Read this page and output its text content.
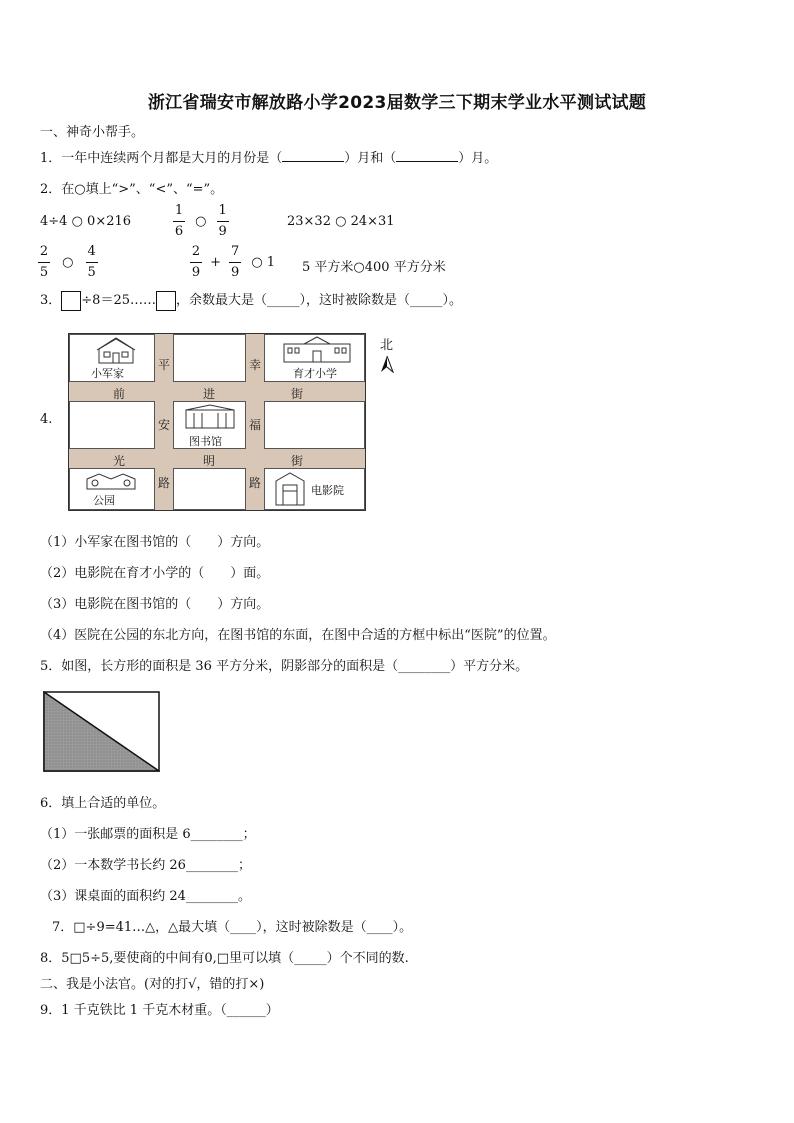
浙江省瑞安市解放路小学2023届数学三下期末学业水平测试试题
一、神奇小帮手。
1．一年中连续两个月都是大月的月份是（	）月和（	）月。
2．在○填上“>”、“<”、“=”。
4÷4 ○ 0×216	$\frac{1}{6}$ ○ $\frac{1}{9}$	23×32 ○ 24×31
$\frac{2}{5}$ ○ $\frac{4}{5}$	$\frac{2}{9} + \frac{7}{9}$ ○ 1 5 平方米○400 平方分米
3． ÷8＝25…… ，余数最大是（_____），这时被除数是（_____）。
4.
平
安
路
幸
福
路
前	进	街
光	明	街
小军家	育才小学
图书馆
公园
电影院
北
（1）小军家在图书馆的（　　）方向。
（2）电影院在育才小学的（　　）面。
（3）电影院在图书馆的（　　）方向。
（4）医院在公园的东北方向，在图书馆的东面，在图中合适的方框中标出“医院”的位置。
5．如图，长方形的面积是 36 平方分米，阴影部分的面积是（________）平方分米。
6．填上合适的单位。
（1）一张邮票的面积是 6________；
（2）一本数学书长约 26________；
（3）课桌面的面积约 24________。
7．□÷9=41…△，△最大填（____），这时被除数是（____）。
8．5□5÷5,要使商的中间有0,□里可以填（_____）个不同的数.
二、我是小法官。(对的打√，错的打×)
9．1 千克铁比 1 千克木材重。（______）
